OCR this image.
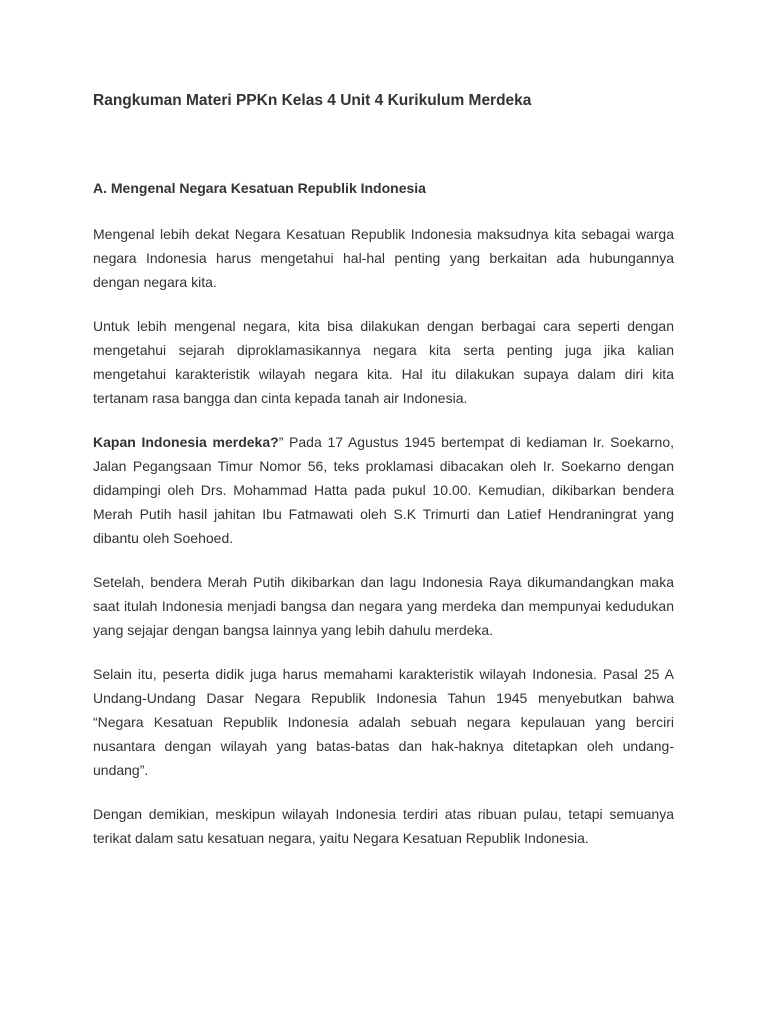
Rangkuman Materi PPKn Kelas 4 Unit 4 Kurikulum Merdeka
A. Mengenal Negara Kesatuan Republik Indonesia

Mengenal lebih dekat Negara Kesatuan Republik Indonesia maksudnya kita sebagai warga negara Indonesia harus mengetahui hal-hal penting yang berkaitan ada hubungannya dengan negara kita.

Untuk lebih mengenal negara, kita bisa dilakukan dengan berbagai cara seperti dengan mengetahui sejarah diproklamasikannya negara kita serta penting juga jika kalian mengetahui karakteristik wilayah negara kita. Hal itu dilakukan supaya dalam diri kita tertanam rasa bangga dan cinta kepada tanah air Indonesia.

Kapan Indonesia merdeka?” Pada 17 Agustus 1945 bertempat di kediaman Ir. Soekarno, Jalan Pegangsaan Timur Nomor 56, teks proklamasi dibacakan oleh Ir. Soekarno dengan didampingi oleh Drs. Mohammad Hatta pada pukul 10.00. Kemudian, dikibarkan bendera Merah Putih hasil jahitan Ibu Fatmawati oleh S.K Trimurti dan Latief Hendraningrat yang dibantu oleh Soehoed.

Setelah, bendera Merah Putih dikibarkan dan lagu Indonesia Raya dikumandangkan maka saat itulah Indonesia menjadi bangsa dan negara yang merdeka dan mempunyai kedudukan yang sejajar dengan bangsa lainnya yang lebih dahulu merdeka.

Selain itu, peserta didik juga harus memahami karakteristik wilayah Indonesia. Pasal 25 A Undang-Undang Dasar Negara Republik Indonesia Tahun 1945 menyebutkan bahwa “Negara Kesatuan Republik Indonesia adalah sebuah negara kepulauan yang berciri nusantara dengan wilayah yang batas-batas dan hak-haknya ditetapkan oleh undang-undang”.

Dengan demikian, meskipun wilayah Indonesia terdiri atas ribuan pulau, tetapi semuanya terikat dalam satu kesatuan negara, yaitu Negara Kesatuan Republik Indonesia.
